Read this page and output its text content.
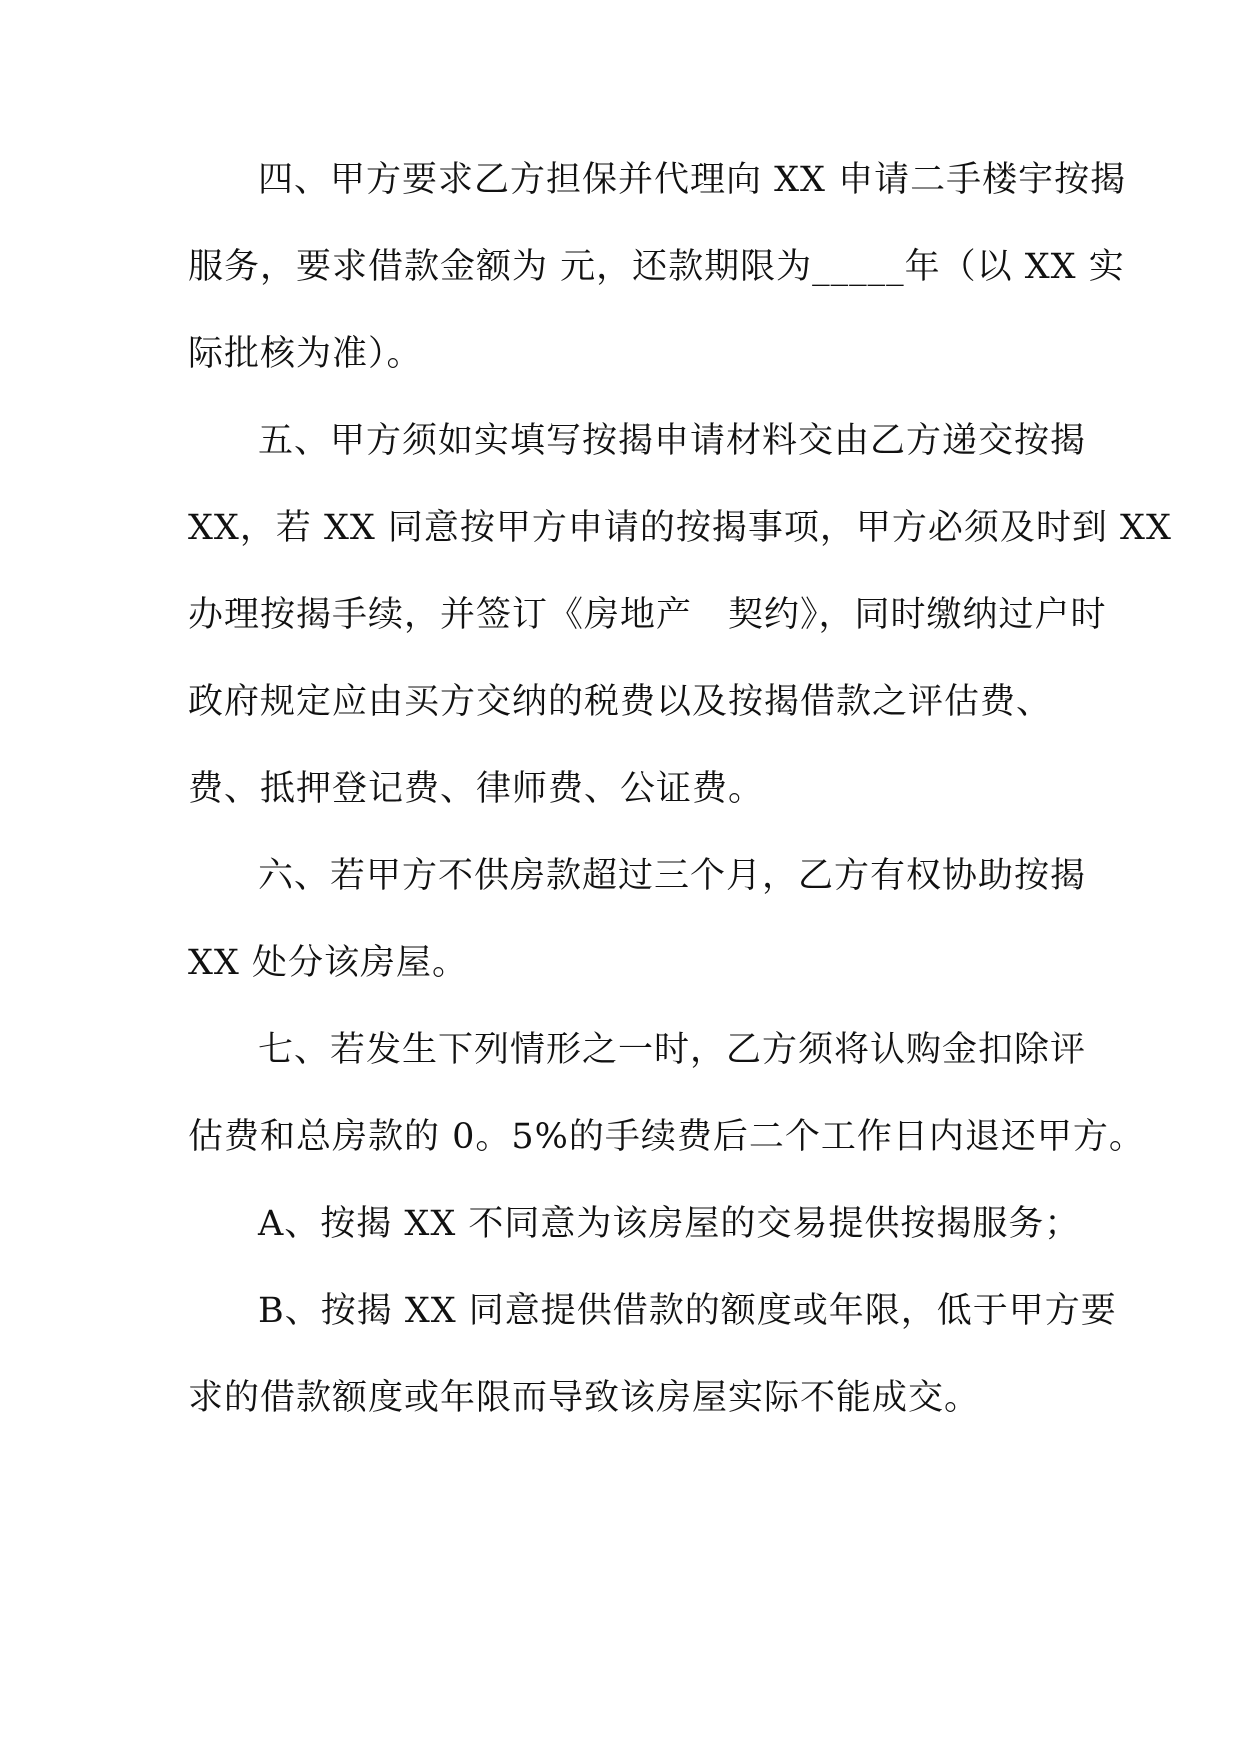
四、甲方要求乙方担保并代理向 XX 申请二手楼宇按揭
服务，要求借款金额为 元，还款期限为_____年（以 XX 实
际批核为准）。
五、甲方须如实填写按揭申请材料交由乙方递交按揭
XX，若 XX 同意按甲方申请的按揭事项，甲方必须及时到 XX
办理按揭手续，并签订《房地产　契约》，同时缴纳过户时
政府规定应由买方交纳的税费以及按揭借款之评估费、
费、抵押登记费、律师费、公证费。
六、若甲方不供房款超过三个月，乙方有权协助按揭
XX 处分该房屋。
七、若发生下列情形之一时，乙方须将认购金扣除评
估费和总房款的 0。5%的手续费后二个工作日内退还甲方。
A、按揭 XX 不同意为该房屋的交易提供按揭服务；
B、按揭 XX 同意提供借款的额度或年限，低于甲方要
求的借款额度或年限而导致该房屋实际不能成交。
